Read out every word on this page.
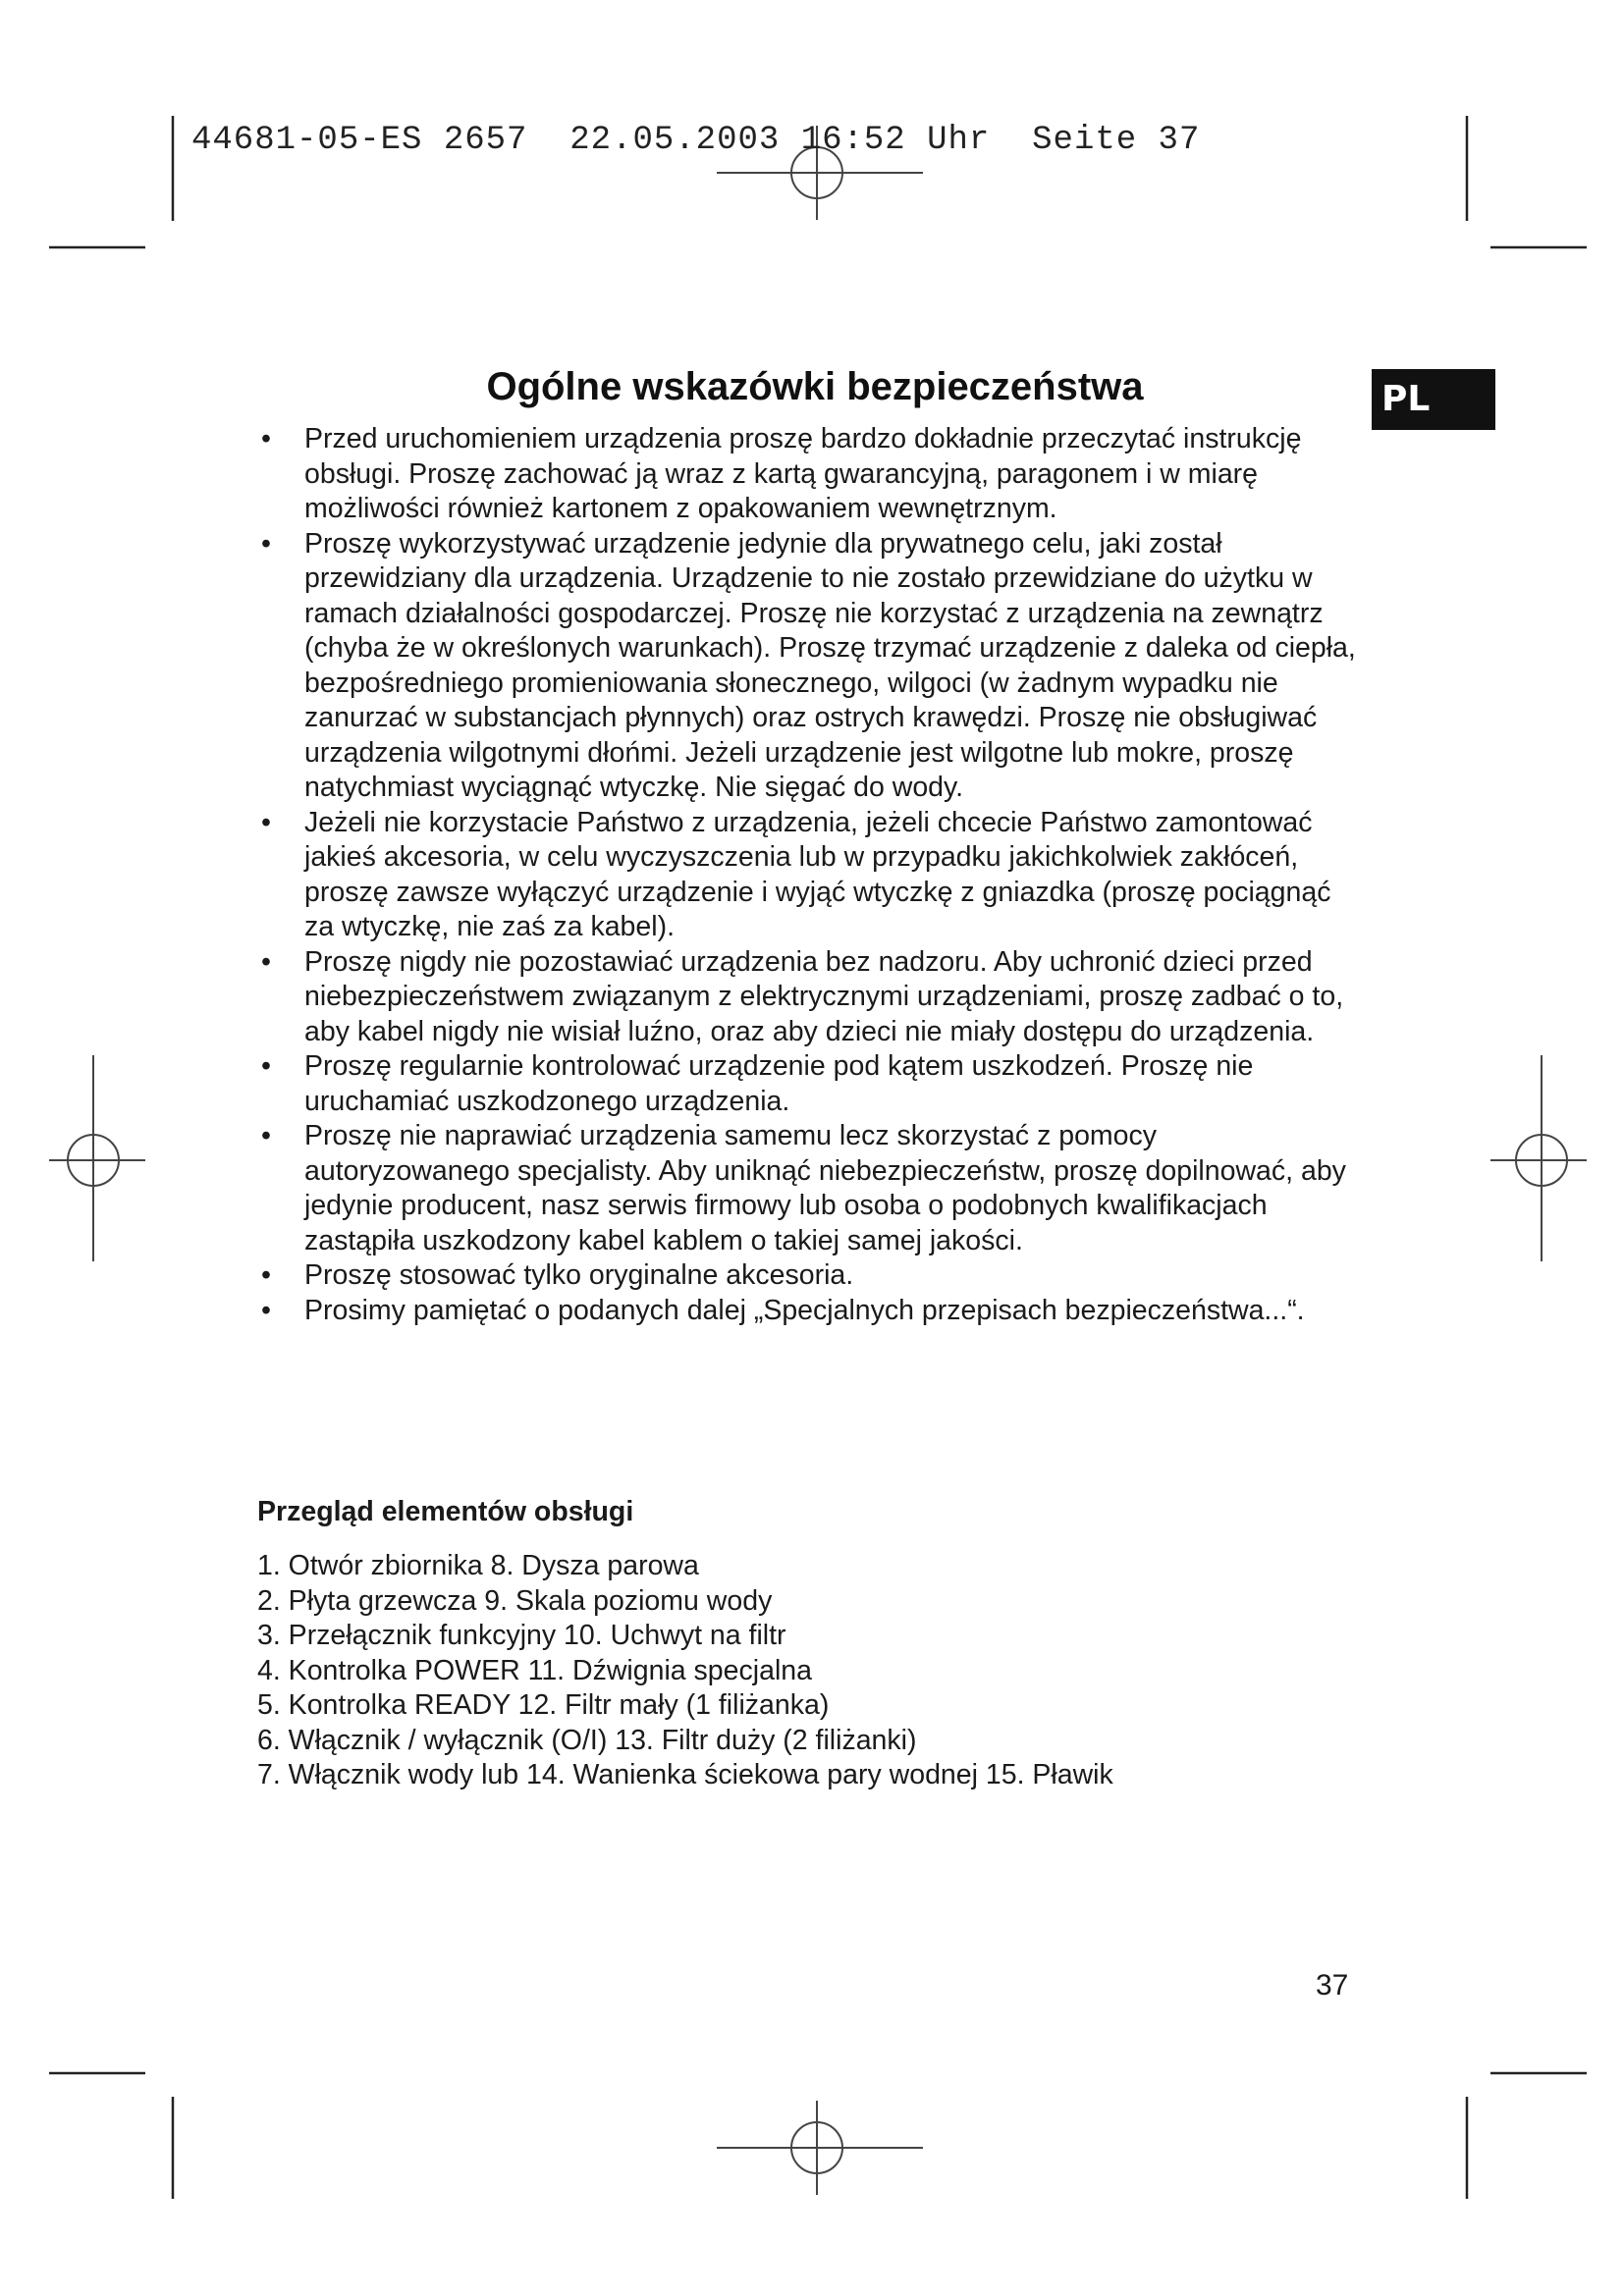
44681-05-ES 2657  22.05.2003 16:52 Uhr  Seite 37
PL
Ogólne wskazówki bezpieczeństwa
• Przed uruchomieniem urządzenia proszę bardzo dokładnie przeczytać instrukcję obsługi. Proszę zachować ją wraz z kartą gwarancyjną, paragonem i w miarę możliwości również kartonem z opakowaniem wewnętrznym.
• Proszę wykorzystywać urządzenie jedynie dla prywatnego celu, jaki został przewidziany dla urządzenia. Urządzenie to nie zostało przewidziane do użytku w ramach działalności gospodarczej. Proszę nie korzystać z urządzenia na zewnątrz (chyba że w określonych warunkach). Proszę trzymać urządzenie z daleka od ciepła, bezpośredniego promieniowania słonecznego, wilgoci (w żadnym wypadku nie zanurzać w substancjach płynnych) oraz ostrych krawędzi. Proszę nie obsługiwać urządzenia wilgotnymi dłońmi. Jeżeli urządzenie jest wilgotne lub mokre, proszę natychmiast wyciągnąć wtyczkę. Nie sięgać do wody.
• Jeżeli nie korzystacie Państwo z urządzenia, jeżeli chcecie Państwo zamontować jakieś akcesoria, w celu wyczyszczenia lub w przypadku jakichkolwiek zakłóceń, proszę zawsze wyłączyć urządzenie i wyjąć wtyczkę z gniazdka (proszę pociągnąć za wtyczkę, nie zaś za kabel).
• Proszę nigdy nie pozostawiać urządzenia bez nadzoru. Aby uchronić dzieci przed niebezpieczeństwem związanym z elektrycznymi urządzeniami, proszę zadbać o to, aby kabel nigdy nie wisiał luźno, oraz aby dzieci nie miały dostępu do urządzenia.
• Proszę regularnie kontrolować urządzenie pod kątem uszkodzeń. Proszę nie uruchamiać uszkodzonego urządzenia.
• Proszę nie naprawiać urządzenia samemu lecz skorzystać z pomocy autoryzowanego specjalisty. Aby uniknąć niebezpieczeństw, proszę dopilnować, aby jedynie producent, nasz serwis firmowy lub osoba o podobnych kwalifikacjach zastąpiła uszkodzony kabel kablem o takiej samej jakości.
• Proszę stosować tylko oryginalne akcesoria.
• Prosimy pamiętać o podanych dalej „Specjalnych przepisach bezpieczeństwa...“.
Przegląd elementów obsługi
1. Otwór zbiornika 8. Dysza parowa
2. Płyta grzewcza 9. Skala poziomu wody
3. Przełącznik funkcyjny 10. Uchwyt na filtr
4. Kontrolka POWER 11. Dźwignia specjalna
5. Kontrolka READY 12. Filtr mały (1 filiżanka)
6. Włącznik / wyłącznik (O/I) 13. Filtr duży (2 filiżanki)
7. Włącznik wody lub 14. Wanienka ściekowa pary wodnej 15. Pławik
37
